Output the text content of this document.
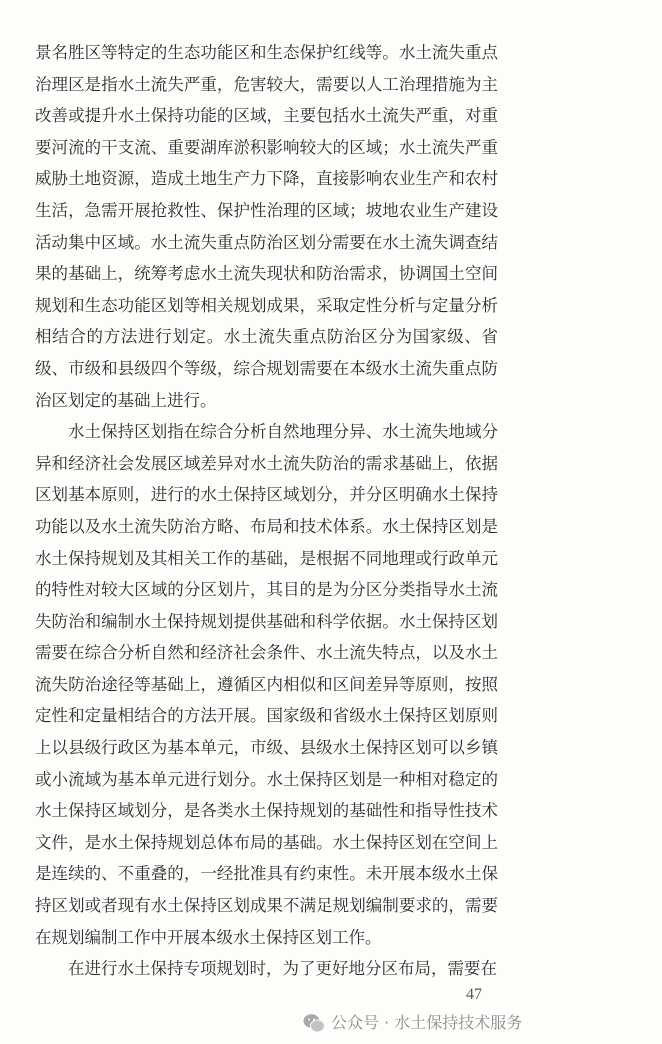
景名胜区等特定的生态功能区和生态保护红线等。水土流失重点
治理区是指水土流失严重，危害较大，需要以人工治理措施为主
改善或提升水土保持功能的区域，主要包括水土流失严重，对重
要河流的干支流、重要湖库淤积影响较大的区域；水土流失严重
威胁土地资源，造成土地生产力下降，直接影响农业生产和农村
生活，急需开展抢救性、保护性治理的区域；坡地农业生产建设
活动集中区域。水土流失重点防治区划分需要在水土流失调查结
果的基础上，统筹考虑水土流失现状和防治需求，协调国土空间
规划和生态功能区划等相关规划成果，采取定性分析与定量分析
相结合的方法进行划定。水土流失重点防治区分为国家级、省
级、市级和县级四个等级，综合规划需要在本级水土流失重点防
治区划定的基础上进行。
水土保持区划指在综合分析自然地理分异、水土流失地域分
异和经济社会发展区域差异对水土流失防治的需求基础上，依据
区划基本原则，进行的水土保持区域划分，并分区明确水土保持
功能以及水土流失防治方略、布局和技术体系。水土保持区划是
水土保持规划及其相关工作的基础，是根据不同地理或行政单元
的特性对较大区域的分区划片，其目的是为分区分类指导水土流
失防治和编制水土保持规划提供基础和科学依据。水土保持区划
需要在综合分析自然和经济社会条件、水土流失特点，以及水土
流失防治途径等基础上，遵循区内相似和区间差异等原则，按照
定性和定量相结合的方法开展。国家级和省级水土保持区划原则
上以县级行政区为基本单元，市级、县级水土保持区划可以乡镇
或小流域为基本单元进行划分。水土保持区划是一种相对稳定的
水土保持区域划分，是各类水土保持规划的基础性和指导性技术
文件，是水土保持规划总体布局的基础。水土保持区划在空间上
是连续的、不重叠的，一经批准具有约束性。未开展本级水土保
持区划或者现有水土保持区划成果不满足规划编制要求的，需要
在规划编制工作中开展本级水土保持区划工作。
在进行水土保持专项规划时，为了更好地分区布局，需要在
47
公众号 · 水土保持技术服务
